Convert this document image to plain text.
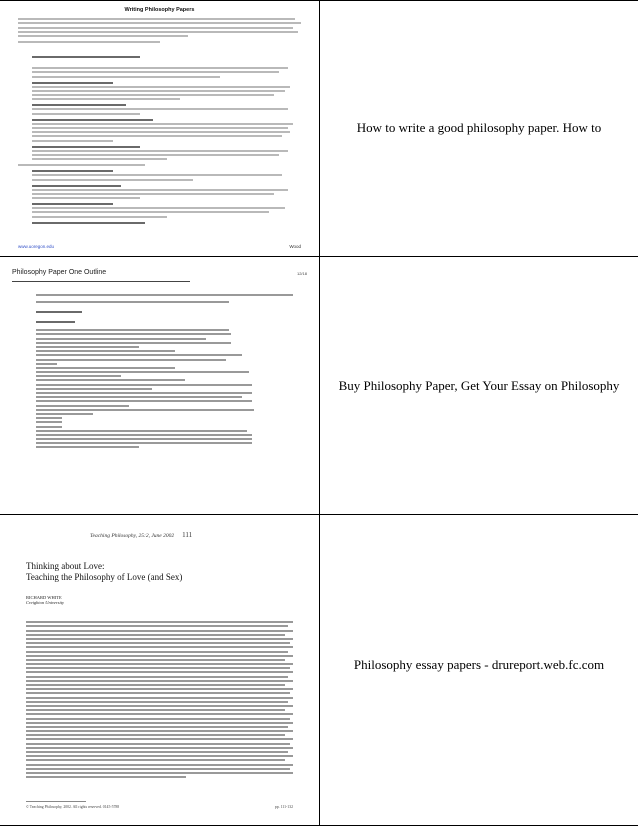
Writing Philosophy Papers
www.uoregon.edu	Wood
How to write a good philosophy paper. How to
Philosophy Paper One Outline	12/18
Buy Philosophy Paper, Get Your Essay on Philosophy
Teaching Philosophy, 25:2, June 2002 111
Thinking about Love:
Teaching the Philosophy of Love (and Sex)
RICHARD WHITE
Creighton University
© Teaching Philosophy, 2002. All rights reserved. 0145-5788	pp. 111-132
Philosophy essay papers - drureport.web.fc.com
